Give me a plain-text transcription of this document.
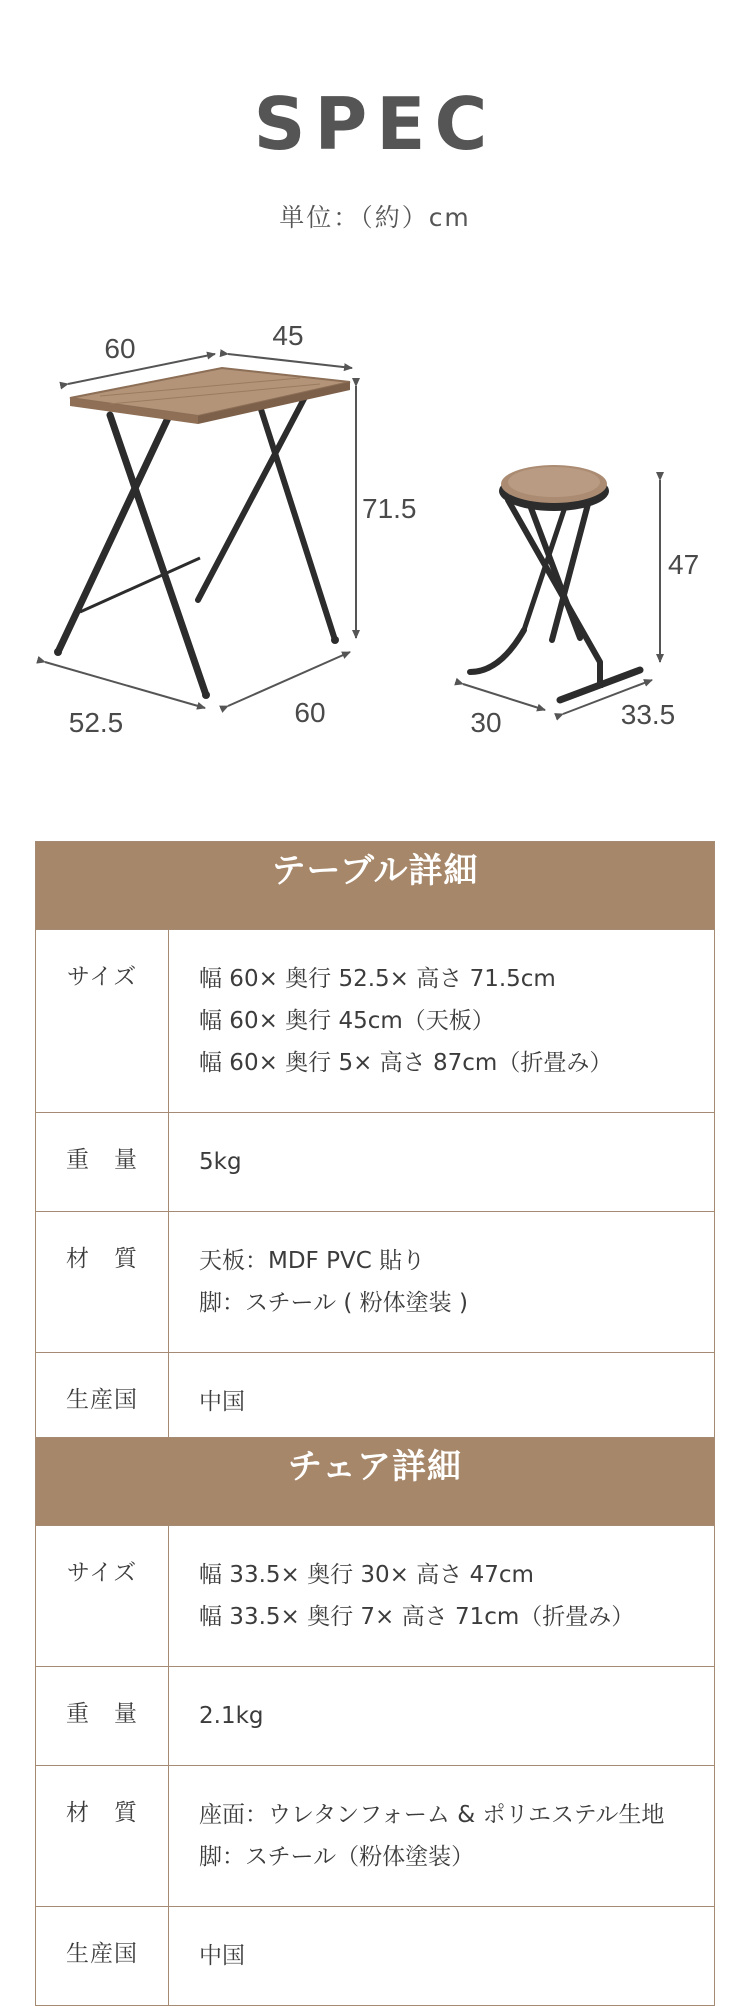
SPEC
単位：（約）cm
60	45
71.5
52.5	60
47
30	33.5
テーブル詳細	
サイズ	幅 60× 奥行 52.5× 高さ 71.5cm
幅 60× 奥行 45cm（天板）
幅 60× 奥行 5× 高さ 87cm（折畳み）

重　量	5kg

材　質	天板：MDF PVC 貼り
脚：スチール ( 粉体塗装 )

生産国	中国
チェア詳細	
サイズ	幅 33.5× 奥行 30× 高さ 47cm
幅 33.5× 奥行 7× 高さ 71cm（折畳み）

重　量	2.1kg

材　質	座面：ウレタンフォーム & ポリエステル生地
脚：スチール（粉体塗装）

生産国	中国
